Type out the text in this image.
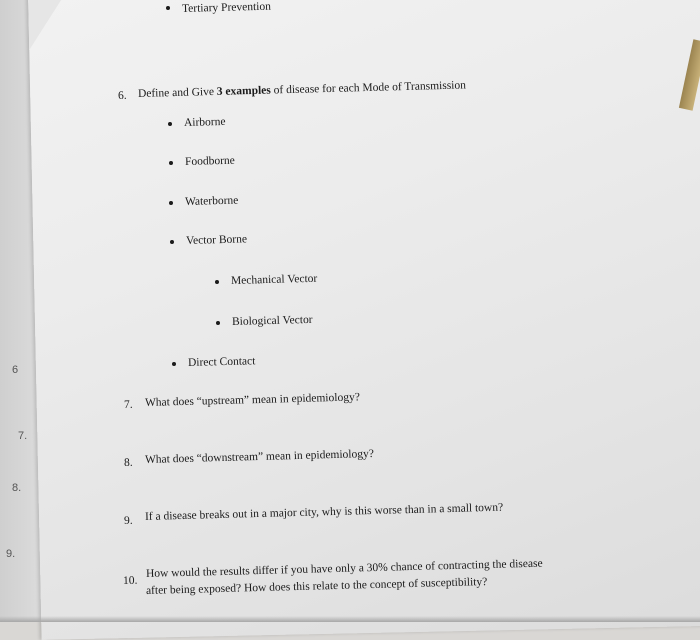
6
7.
8.
9.
Tertiary Prevention
6. Define and Give 3 examples of disease for each Mode of Transmission
Airborne
Foodborne
Waterborne
Vector Borne
Mechanical Vector
Biological Vector
Direct Contact
7. What does “upstream” mean in epidemiology?
8. What does “downstream” mean in epidemiology?
9. If a disease breaks out in a major city, why is this worse than in a small town?
10.
How would the results differ if you have only a 30% chance of contracting the disease
after being exposed? How does this relate to the concept of susceptibility?
